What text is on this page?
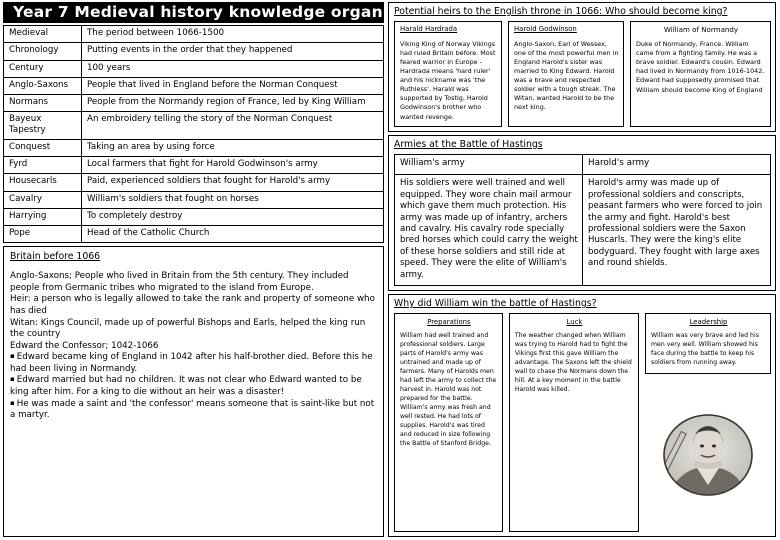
Year 7 Medieval history knowledge organiser
Medieval	The period between 1066-1500
Chronology	Putting events in the order that they happened
Century	100 years
Anglo-Saxons	People that lived in England before the Norman Conquest
Normans	People from the Normandy region of France, led by King William
Bayeux Tapestry	An embroidery telling the story of the Norman Conquest
Conquest	Taking an area by using force
Fyrd	Local farmers that fight for Harold Godwinson's army
Housecarls	Paid, experienced soldiers that fought for Harold's army
Cavalry	William's soldiers that fought on horses
Harrying	To completely destroy
Pope	Head of the Catholic Church
Britain before 1066

Anglo-Saxons; People who lived in Britain from the 5th century. They included people from Germanic tribes who migrated to the island from Europe.

Heir: a person who is legally allowed to take the rank and property of someone who has died

Witan: Kings Council, made up of powerful Bishops and Earls, helped the king run the country

Edward the Confessor; 1042-1066

▪ Edward became king of England in 1042 after his half-brother died. Before this he had been living in Normandy.

▪ Edward married but had no children. It was not clear who Edward wanted to be king after him. For a king to die without an heir was a disaster!

▪ He was made a saint and 'the confessor' means someone that is saint-like but not a martyr.

Potential heirs to the English throne in 1066: Who should become king?
Harald Hardrada
Viking King of Norway Vikings had ruled Britain before. Most feared warrior in Europe - Hardrada means 'hard ruler' and his nickname was 'the Ruthless'. Harald was supported by Tostig, Harold Godwinson's brother who wanted revenge.
Harold Godwinson
Anglo-Saxon, Earl of Wessex, one of the most powerful men in England Harold's sister was married to King Edward. Harold was a brave and respected soldier with a tough streak. The Witan, wanted Harold to be the next king.
William of Normandy
Duke of Normandy, France. William came from a fighting family. He was a brave soldier. Edward's cousin. Edward had lived in Normandy from 1016-1042. Edward had supposedly promised that William should become King of England
Armies at the Battle of Hastings
William's army	Harold's army
His soldiers were well trained and well equipped. They wore chain mail armour which gave them much protection. His army was made up of infantry, archers and cavalry. His cavalry rode specially bred horses which could carry the weight of these horse soldiers and still ride at speed. They were the elite of William's army.	Harold's army was made up of professional soldiers and conscripts, peasant farmers who were forced to join the army and fight. Harold's best professional soldiers were the Saxon Huscarls. They were the king's elite bodyguard. They fought with large axes and round shields.
Why did William win the battle of Hastings?
Preparations
William had well trained and professional soldiers. Large parts of Harold's army was untrained and made up of farmers. Many of Harolds men had left the army to collect the harvest in. Harold was not prepared for the battle. William's army was fresh and well rested. He had lots of supplies. Harold's was tired and reduced in size following the Battle of Stanford Bridge.
Luck
The weather changed when William was trying to Harold had to fight the Vikings first this gave William the advantage. The Saxons left the shield wall to chase the Normans down the hill. At a key moment in the battle Harold was killed.
Leadership
William was very brave and led his men very well. William showed his face during the battle to keep his soldiers from running away.
